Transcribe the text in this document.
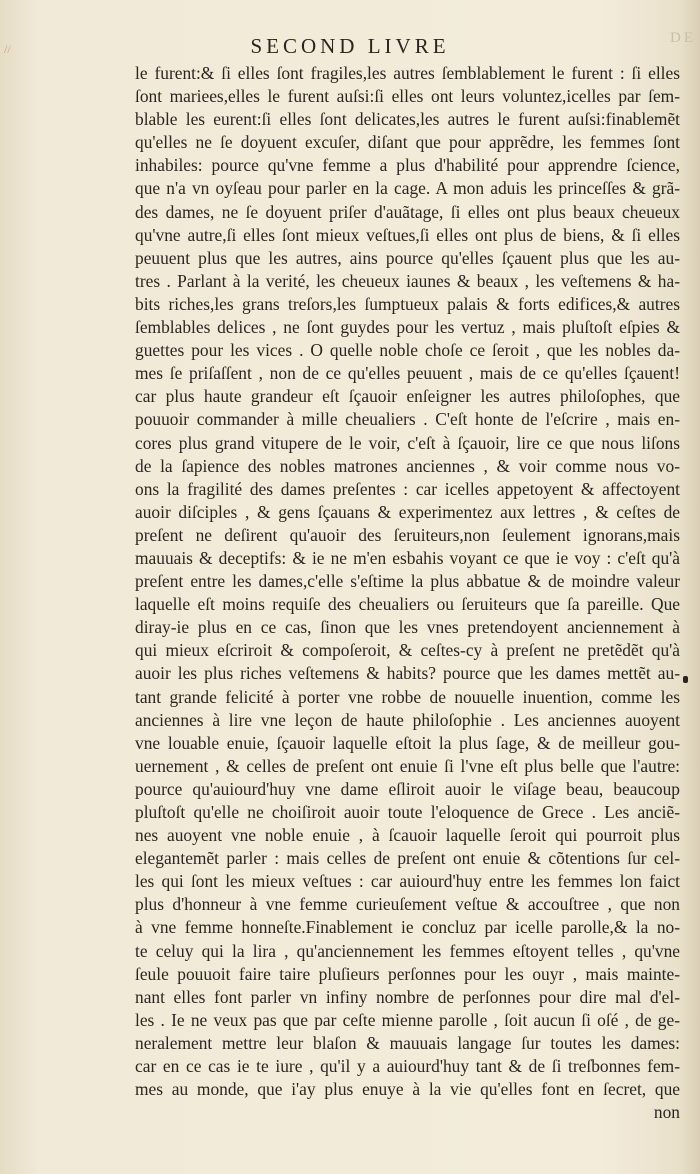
//
DE
SECOND LIVRE
le furent:& ſi elles ſont fragiles,les autres ſemblablement le furent : ſi elles
ſont mariees,elles le furent auſsi:ſi elles ont leurs voluntez,icelles par ſem-
blable les eurent:ſi elles ſont delicates,les autres le furent auſsi:finablemẽt
qu'elles ne ſe doyuent excuſer, diſant que pour apprẽdre, les femmes ſont
inhabiles: pource qu'vne femme a plus d'habilité pour apprendre ſcience,
que n'a vn oyſeau pour parler en la cage. A mon aduis les princeſſes & grã-
des dames, ne ſe doyuent priſer d'auãtage, ſi elles ont plus beaux cheueux
qu'vne autre,ſi elles ſont mieux veſtues,ſi elles ont plus de biens, & ſi elles
peuuent plus que les autres, ains pource qu'elles ſçauent plus que les au-
tres . Parlant à la verité, les cheueux iaunes & beaux , les veſtemens & ha-
bits riches,les grans treſors,les ſumptueux palais & forts edifices,& autres
ſemblables delices , ne ſont guydes pour les vertuz , mais pluſtoſt eſpies &
guettes pour les vices . O quelle noble choſe ce ſeroit , que les nobles da-
mes ſe priſaſſent , non de ce qu'elles peuuent , mais de ce qu'elles ſçauent!
car plus haute grandeur eſt ſçauoir enſeigner les autres philoſophes, que
pouuoir commander à mille cheualiers . C'eſt honte de l'eſcrire , mais en-
cores plus grand vitupere de le voir, c'eſt à ſçauoir, lire ce que nous liſons
de la ſapience des nobles matrones anciennes , & voir comme nous vo-
ons la fragilité des dames preſentes : car icelles appetoyent & affectoyent
auoir diſciples , & gens ſçauans & experimentez aux lettres , & ceſtes de
preſent ne deſirent qu'auoir des ſeruiteurs,non ſeulement ignorans,mais
mauuais & deceptifs: & ie ne m'en esbahis voyant ce que ie voy : c'eſt qu'à
preſent entre les dames,c'elle s'eſtime la plus abbatue & de moindre valeur
laquelle eſt moins requiſe des cheualiers ou ſeruiteurs que ſa pareille. Que
diray-ie plus en ce cas, ſinon que les vnes pretendoyent anciennement à
qui mieux eſcriroit & compoſeroit, & ceſtes-cy à preſent ne pretẽdẽt qu'à
auoir les plus riches veſtemens & habits? pource que les dames mettẽt au-
tant grande felicité à porter vne robbe de nouuelle inuention, comme les
anciennes à lire vne leçon de haute philoſophie . Les anciennes auoyent
vne louable enuie, ſçauoir laquelle eſtoit la plus ſage, & de meilleur gou-
uernement , & celles de preſent ont enuie ſi l'vne eſt plus belle que l'autre:
pource qu'auiourd'huy vne dame eſliroit auoir le viſage beau, beaucoup
pluſtoſt qu'elle ne choiſiroit auoir toute l'eloquence de Grece . Les anciẽ-
nes auoyent vne noble enuie , à ſcauoir laquelle ſeroit qui pourroit plus
elegantemẽt parler : mais celles de preſent ont enuie & cõtentions ſur cel-
les qui ſont les mieux veſtues : car auiourd'huy entre les femmes lon faict
plus d'honneur à vne femme curieuſement veſtue & accouſtree , que non
à vne femme honneſte.Finablement ie concluz par icelle parolle,& la no-
te celuy qui la lira , qu'anciennement les femmes eſtoyent telles , qu'vne
ſeule pouuoit faire taire pluſieurs perſonnes pour les ouyr , mais mainte-
nant elles font parler vn infiny nombre de perſonnes pour dire mal d'el-
les . Ie ne veux pas que par ceſte mienne parolle , ſoit aucun ſi oſé , de ge-
neralement mettre leur blaſon & mauuais langage ſur toutes les dames:
car en ce cas ie te iure , qu'il y a auiourd'huy tant & de ſi treſbonnes fem-
mes au monde, que i'ay plus enuye à la vie qu'elles font en ſecret, que
non
